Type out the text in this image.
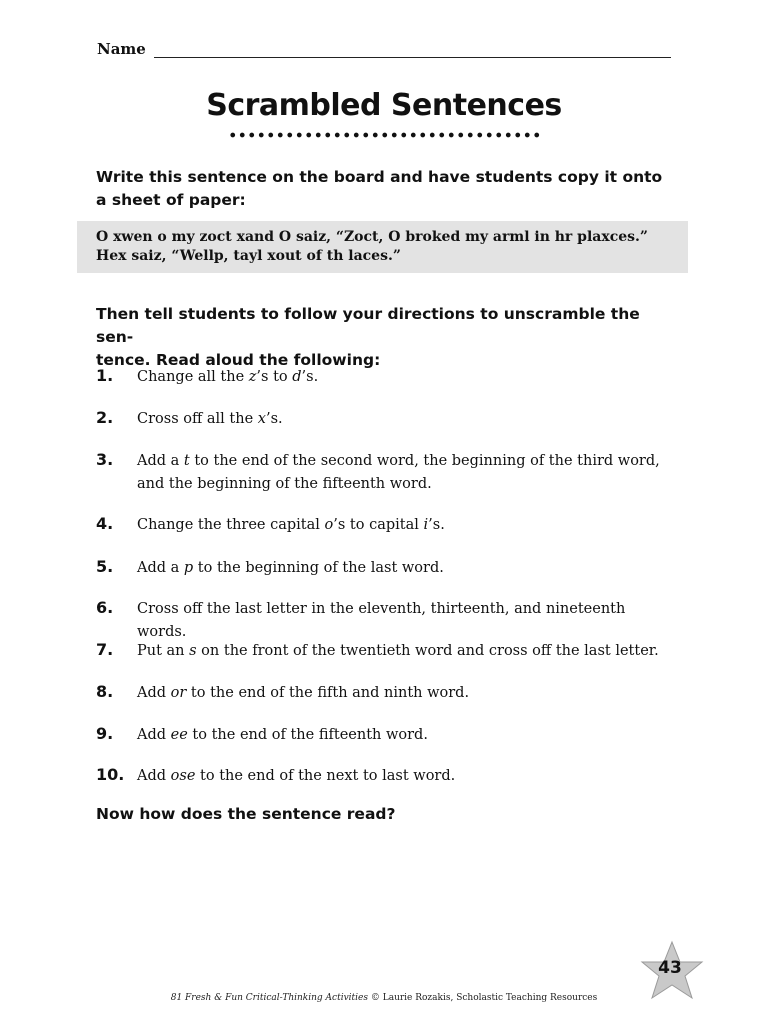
Name
Scrambled Sentences
Write this sentence on the board and have students copy it onto a sheet of paper:
O xwen o my zoct xand O saiz, “Zoct, O broked my arml in hr plaxces.”
Hex saiz, “Wellp, tayl xout of th laces.”
Then tell students to follow your directions to unscramble the sen-
tence. Read aloud the following:
1. Change all the z’s to d’s.
2. Cross off all the x’s.
3. Add a t to the end of the second word, the beginning of the third word, and the beginning of the fifteenth word.
4. Change the three capital o’s to capital i’s.
5. Add a p to the beginning of the last word.
6. Cross off the last letter in the eleventh, thirteenth, and nineteenth words.
7. Put an s on the front of the twentieth word and cross off the last letter.
8. Add or to the end of the fifth and ninth word.
9. Add ee to the end of the fifteenth word.
10. Add ose to the end of the next to last word.
Now how does the sentence read?
81 Fresh & Fun Critical-Thinking Activities © Laurie Rozakis, Scholastic Teaching Resources
43
